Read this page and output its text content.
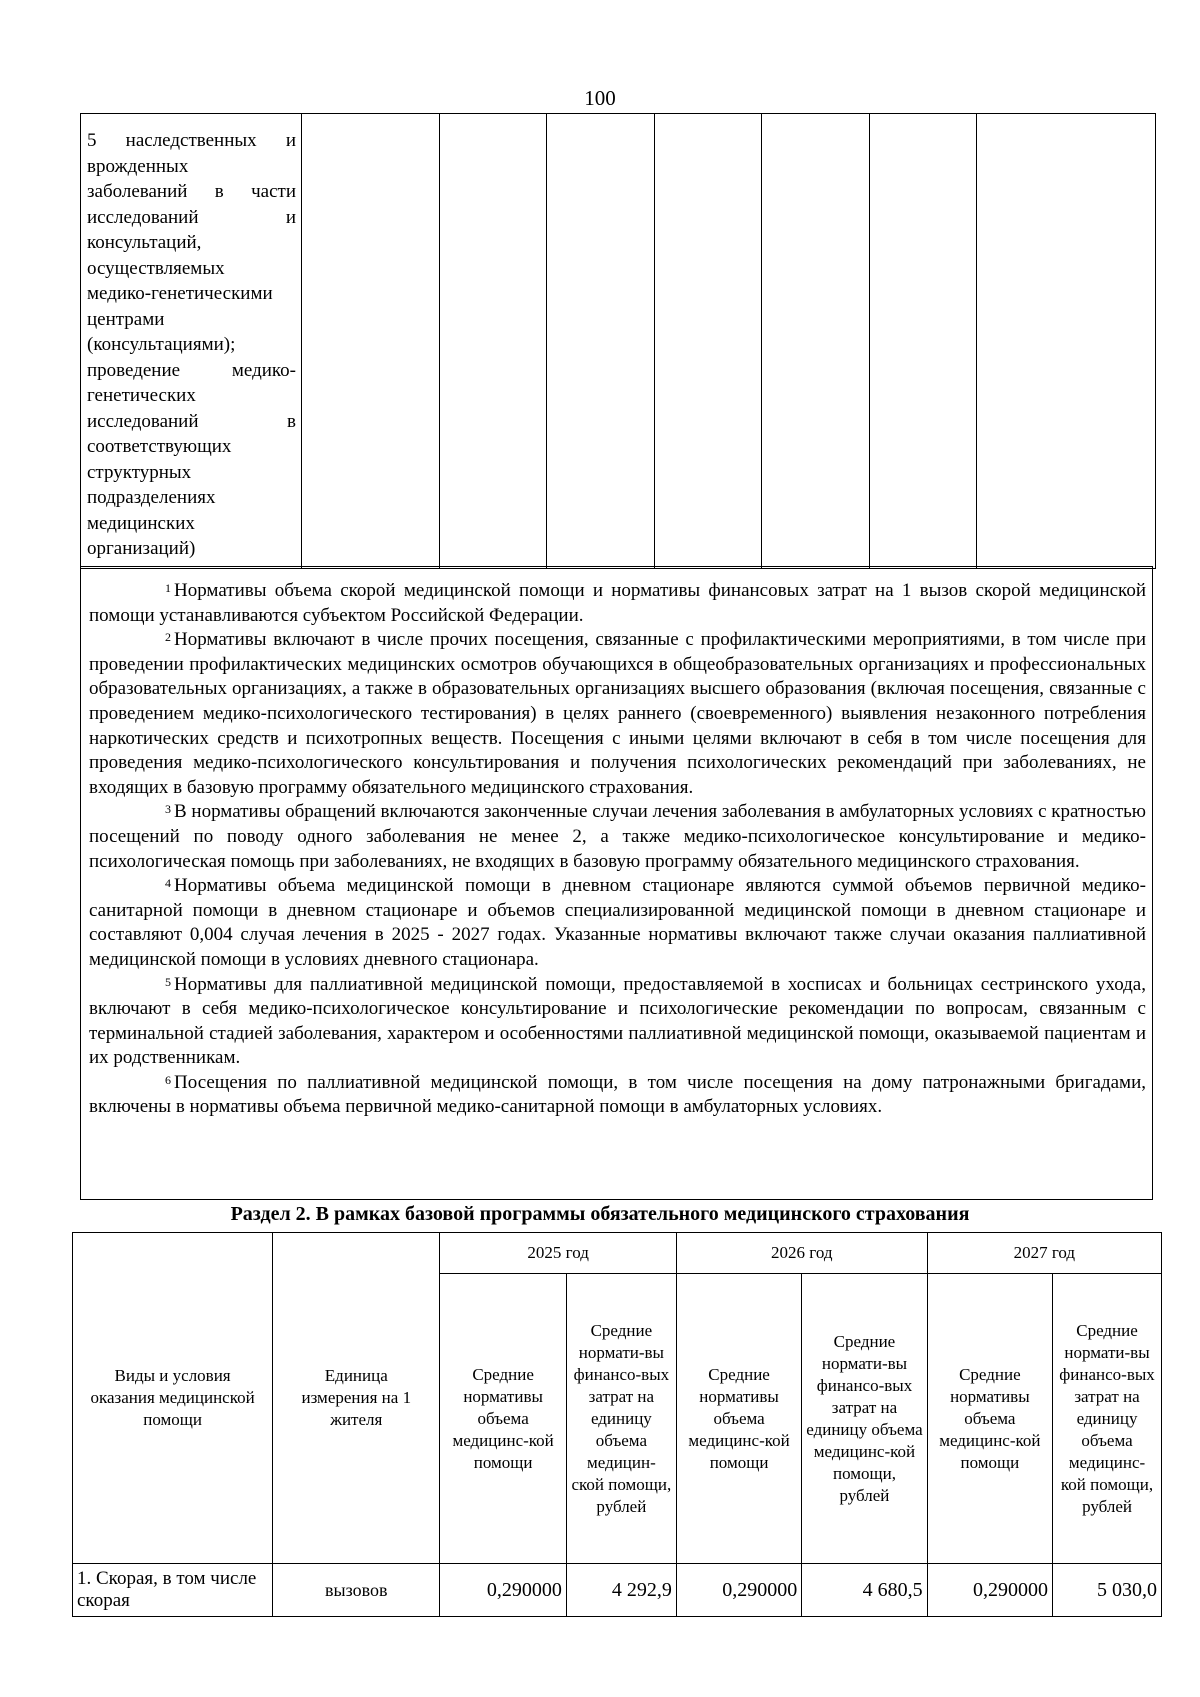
100
5 наследственных и
врожденных
заболеваний в части
исследований и
консультаций,
осуществляемых
медико-генетическими
центрами
(консультациями);
проведение медико-
генетических
исследований в
соответствующих
структурных
подразделениях
медицинских
организаций)

$^1$ Нормативы объема скорой медицинской помощи и нормативы финансовых затрат на 1 вызов скорой медицинской помощи устанавливаются субъектом Российской Федерации.

$^2$ Нормативы включают в числе прочих посещения, связанные с профилактическими мероприятиями, в том числе при проведении профилактических медицинских осмотров обучающихся в общеобразовательных организациях и профессиональных образовательных организациях, а также в образовательных организациях высшего образования (включая посещения, связанные с проведением медико-психологического тестирования) в целях раннего (своевременного) выявления незаконного потребления наркотических средств и психотропных веществ. Посещения с иными целями включают в себя в том числе посещения для проведения медико-психологического консультирования и получения психологических рекомендаций при заболеваниях, не входящих в базовую программу обязательного медицинского страхования.

$^3$ В нормативы обращений включаются законченные случаи лечения заболевания в амбулаторных условиях с кратностью посещений по поводу одного заболевания не менее 2, а также медико-психологическое консультирование и медико-психологическая помощь при заболеваниях, не входящих в базовую программу обязательного медицинского страхования.

$^4$ Нормативы объема медицинской помощи в дневном стационаре являются суммой объемов первичной медико-санитарной помощи в дневном стационаре и объемов специализированной медицинской помощи в дневном стационаре и составляют 0,004 случая лечения в 2025 - 2027 годах. Указанные нормативы включают также случаи оказания паллиативной медицинской помощи в условиях дневного стационара.

$^5$ Нормативы для паллиативной медицинской помощи, предоставляемой в хосписах и больницах сестринского ухода, включают в себя медико-психологическое консультирование и психологические рекомендации по вопросам, связанным с терминальной стадией заболевания, характером и особенностями паллиативной медицинской помощи, оказываемой пациентам и их родственникам.

$^6$ Посещения по паллиативной медицинской помощи, в том числе посещения на дому патронажными бригадами, включены в нормативы объема первичной медико-санитарной помощи в амбулаторных условиях.

Раздел 2. В рамках базовой программы обязательного медицинского страхования
Виды и условия оказания медицинской помощи	Единица измерения на 1 жителя	2025 год		2026 год		2027 год	
		Средние нормативы объема медицинс-кой помощи	Средние нормати-вы финансо-вых затрат на единицу объема медицин-ской помощи, рублей	Средние нормативы объема медицинс-кой помощи	Средние нормати-вы финансо-вых затрат на единицу объема медицинс-кой помощи, рублей	Средние нормативы объема медицинс-кой помощи	Средние нормати-вы финансо-вых затрат на единицу объема медицинс-кой помощи, рублей
1. Скорая, в том числе скорая	вызовов	0,290000	4 292,9	0,290000	4 680,5	0,290000	5 030,0
